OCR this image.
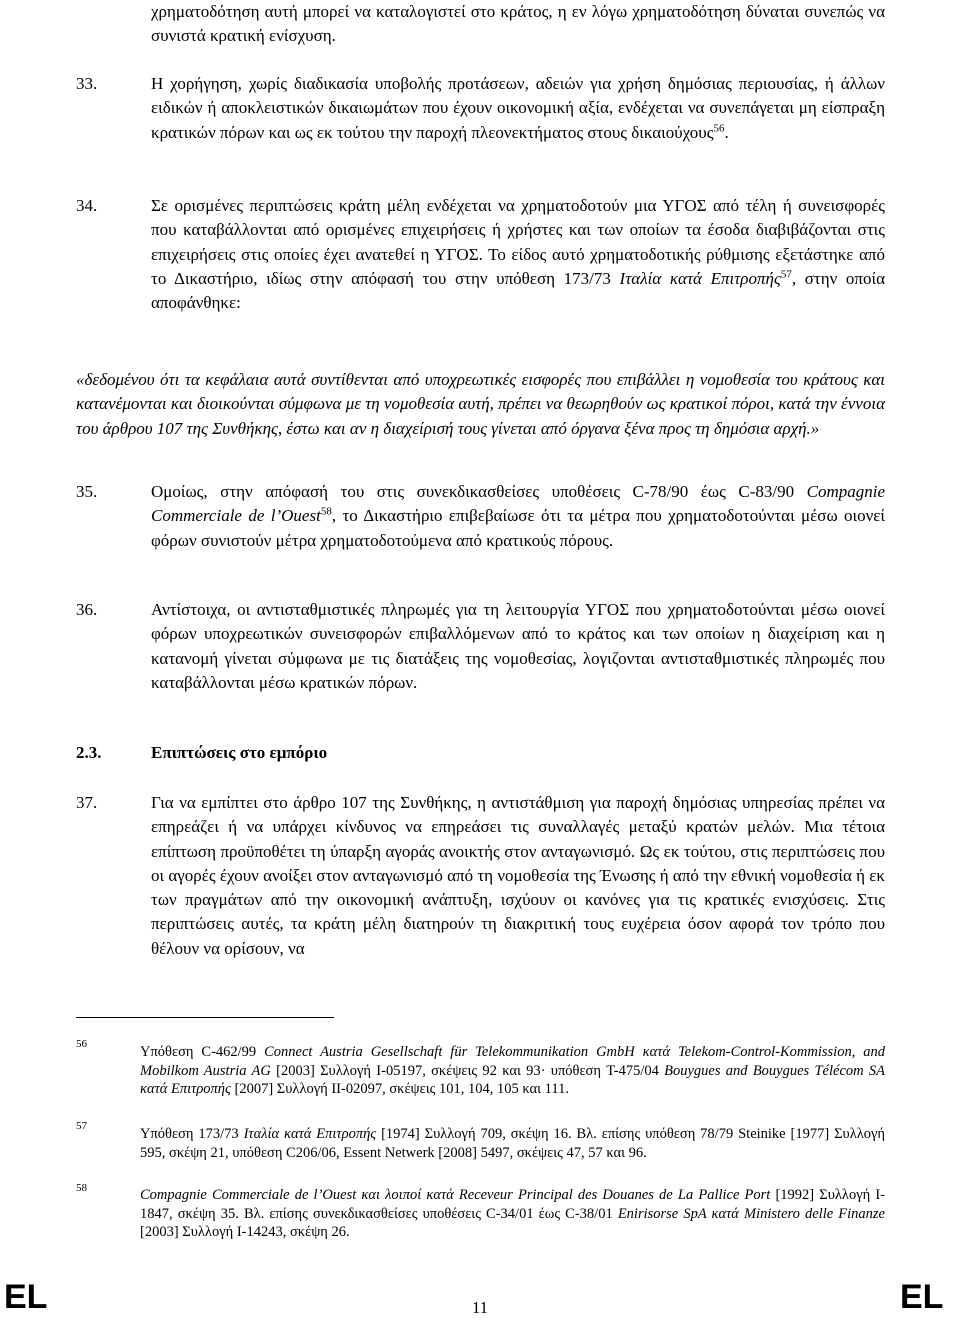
χρηματοδότηση αυτή μπορεί να καταλογιστεί στο κράτος, η εν λόγω χρηματοδότηση δύναται συνεπώς να συνιστά κρατική ενίσχυση.
33.	Η χορήγηση, χωρίς διαδικασία υποβολής προτάσεων, αδειών για χρήση δημόσιας περιουσίας, ή άλλων ειδικών ή αποκλειστικών δικαιωμάτων που έχουν οικονομική αξία, ενδέχεται να συνεπάγεται μη είσπραξη κρατικών πόρων και ως εκ τούτου την παροχή πλεονεκτήματος στους δικαιούχους$^{56}$.
34.	Σε ορισμένες περιπτώσεις κράτη μέλη ενδέχεται να χρηματοδοτούν μια ΥΓΟΣ από τέλη ή συνεισφορές που καταβάλλονται από ορισμένες επιχειρήσεις ή χρήστες και των οποίων τα έσοδα διαβιβάζονται στις επιχειρήσεις στις οποίες έχει ανατεθεί η ΥΓΟΣ. Το είδος αυτό χρηματοδοτικής ρύθμισης εξετάστηκε από το Δικαστήριο, ιδίως στην απόφασή του στην υπόθεση 173/73 Ιταλία κατά Επιτροπής$^{57}$, στην οποία αποφάνθηκε:
«δεδομένου ότι τα κεφάλαια αυτά συντίθενται από υποχρεωτικές εισφορές που επιβάλλει η νομοθεσία του κράτους και κατανέμονται και διοικούνται σύμφωνα με τη νομοθεσία αυτή, πρέπει να θεωρηθούν ως κρατικοί πόροι, κατά την έννοια του άρθρου 107 της Συνθήκης, έστω και αν η διαχείρισή τους γίνεται από όργανα ξένα προς τη δημόσια αρχή.»
35.	Ομοίως, στην απόφασή του στις συνεκδικασθείσες υποθέσεις C-78/90 έως C-83/90 Compagnie Commerciale de l’Ouest$^{58}$, το Δικαστήριο επιβεβαίωσε ότι τα μέτρα που χρηματοδοτούνται μέσω οιονεί φόρων συνιστούν μέτρα χρηματοδοτούμενα από κρατικούς πόρους.
36.	Αντίστοιχα, οι αντισταθμιστικές πληρωμές για τη λειτουργία ΥΓΟΣ που χρηματοδοτούνται μέσω οιονεί φόρων υποχρεωτικών συνεισφορών επιβαλλόμενων από το κράτος και των οποίων η διαχείριση και η κατανομή γίνεται σύμφωνα με τις διατάξεις της νομοθεσίας, λογιζονται αντισταθμιστικές πληρωμές που καταβάλλονται μέσω κρατικών πόρων.
2.3.	Επιπτώσεις στο εμπόριο
37.	Για να εμπίπτει στο άρθρο 107 της Συνθήκης, η αντιστάθμιση για παροχή δημόσιας υπηρεσίας πρέπει να επηρεάζει ή να υπάρχει κίνδυνος να επηρεάσει τις συναλλαγές μεταξύ κρατών μελών. Μια τέτοια επίπτωση προϋποθέτει τη ύπαρξη αγοράς ανοικτής στον ανταγωνισμό. Ως εκ τούτου, στις περιπτώσεις που οι αγορές έχουν ανοίξει στον ανταγωνισμό από τη νομοθεσία της Ένωσης ή από την εθνική νομοθεσία ή εκ των πραγμάτων από την οικονομική ανάπτυξη, ισχύουν οι κανόνες για τις κρατικές ενισχύσεις. Στις περιπτώσεις αυτές, τα κράτη μέλη διατηρούν τη διακριτική τους ευχέρεια όσον αφορά τον τρόπο που θέλουν να ορίσουν, να
56	Υπόθεση C-462/99 Connect Austria Gesellschaft für Telekommunikation GmbH κατά Telekom-Control-Kommission, and Mobilkom Austria AG [2003] Συλλογή I-05197, σκέψεις 92 και 93· υπόθεση T-475/04 Bouygues and Bouygues Télécom SA κατά Επιτροπής [2007] Συλλογή II-02097, σκέψεις 101, 104, 105 και 111.
57	Υπόθεση 173/73 Ιταλία κατά Επιτροπής [1974] Συλλογή 709, σκέψη 16. Βλ. επίσης υπόθεση 78/79 Steinike [1977] Συλλογή 595, σκέψη 21, υπόθεση C206/06, Essent Netwerk [2008] 5497, σκέψεις 47, 57 και 96.
58	Compagnie Commerciale de l’Ouest και λοιποί κατά Receveur Principal des Douanes de La Pallice Port [1992] Συλλογή I-1847, σκέψη 35. Βλ. επίσης συνεκδικασθείσες υποθέσεις C-34/01 έως C-38/01 Enirisorse SpA κατά Ministero delle Finanze [2003] Συλλογή I-14243, σκέψη 26.
EL	11	EL
